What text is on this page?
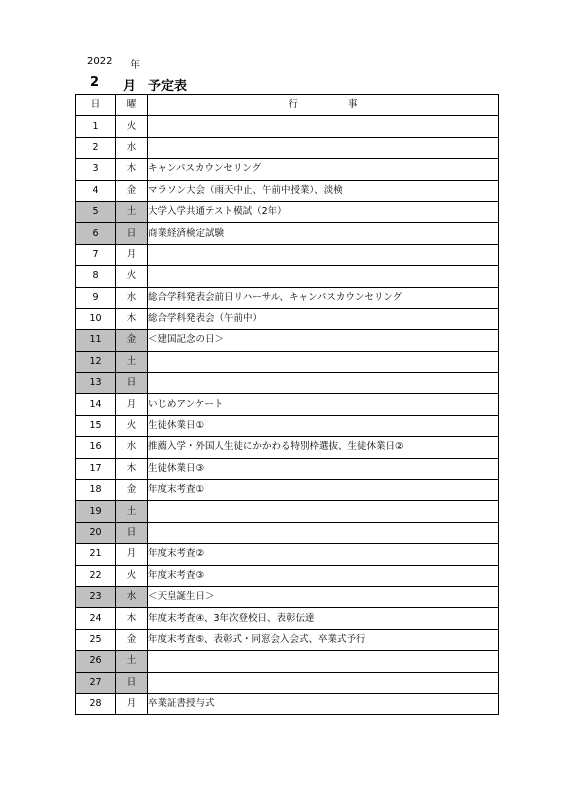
2022 年
2 月 予定表
日	曜	行 事
1	火	
2	水	
3	木	キャンパスカウンセリング
4	金	マラソン大会（雨天中止、午前中授業）、淡検
5	土	大学入学共通テスト模試（2年）
6	日	商業経済検定試験
7	月	
8	火	
9	水	総合学科発表会前日リハーサル、キャンパスカウンセリング
10	木	総合学科発表会（午前中）
11	金	＜建国記念の日＞
12	土	
13	日	
14	月	いじめアンケート
15	火	生徒休業日①
16	水	推薦入学・外国人生徒にかかわる特別枠選抜、生徒休業日②
17	木	生徒休業日③
18	金	年度末考査①
19	土	
20	日	
21	月	年度末考査②
22	火	年度末考査③
23	水	＜天皇誕生日＞
24	木	年度末考査④、3年次登校日、表彰伝達
25	金	年度末考査⑤、表彰式・同窓会入会式、卒業式予行
26	土	
27	日	
28	月	卒業証書授与式
